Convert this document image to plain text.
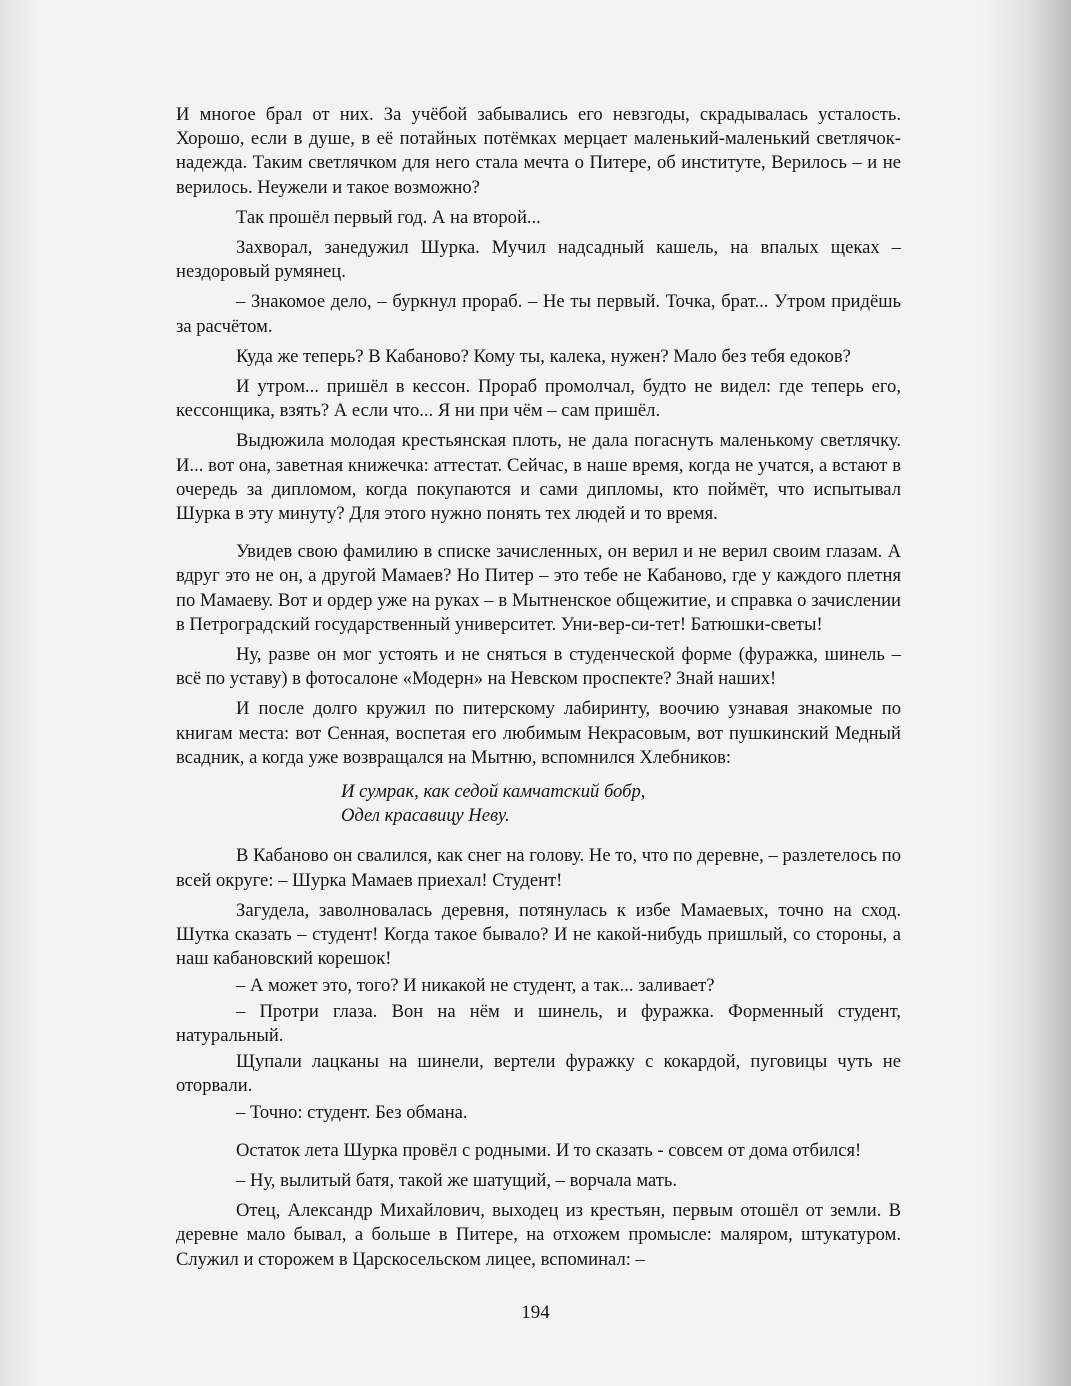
И многое брал от них. За учёбой забывались его невзгоды, скрадывалась усталость. Хорошо, если в душе, в её потайных потёмках мерцает маленький-маленький светлячок-надежда. Таким светлячком для него стала мечта о Питере, об институте, Верилось – и не верилось. Неужели и такое возможно?

Так прошёл первый год. А на второй...

Захворал, занедужил Шурка. Мучил надсадный кашель, на впалых щеках – нездоровый румянец.

– Знакомое дело, – буркнул прораб. – Не ты первый. Точка, брат... Утром придёшь за расчётом.

Куда же теперь? В Кабаново? Кому ты, калека, нужен? Мало без тебя едоков?

И утром... пришёл в кессон. Прораб промолчал, будто не видел: где теперь его, кессонщика, взять? А если что... Я ни при чём – сам пришёл.

Выдюжила молодая крестьянская плоть, не дала погаснуть маленькому светлячку. И... вот она, заветная книжечка: аттестат. Сейчас, в наше время, когда не учатся, а встают в очередь за дипломом, когда покупаются и сами дипломы, кто поймёт, что испытывал Шурка в эту минуту? Для этого нужно понять тех людей и то время.

Увидев свою фамилию в списке зачисленных, он верил и не верил своим глазам. А вдруг это не он, а другой Мамаев? Но Питер – это тебе не Кабаново, где у каждого плетня по Мамаеву. Вот и ордер уже на руках – в Мытненское общежитие, и справка о зачислении в Петроградский государственный университет. Уни-вер-си-тет! Батюшки-светы!

Ну, разве он мог устоять и не сняться в студенческой форме (фуражка, шинель – всё по уставу) в фотосалоне «Модерн» на Невском проспекте? Знай наших!

И после долго кружил по питерскому лабиринту, воочию узнавая знакомые по книгам места: вот Сенная, воспетая его любимым Некрасовым, вот пушкинский Медный всадник, а когда уже возвращался на Мытню, вспомнился Хлебников:

И сумрак, как седой камчатский бобр,
Одел красавицу Неву.

В Кабаново он свалился, как снег на голову. Не то, что по деревне, – разлетелось по всей округе: – Шурка Мамаев приехал! Студент!

Загудела, заволновалась деревня, потянулась к избе Мамаевых, точно на сход. Шутка сказать – студент! Когда такое бывало? И не какой-нибудь пришлый, со стороны, а наш кабановский корешок!

– А может это, того? И никакой не студент, а так... заливает?

– Протри глаза. Вон на нём и шинель, и фуражка. Форменный студент, натуральный.

Щупали лацканы на шинели, вертели фуражку с кокардой, пуговицы чуть не оторвали.

– Точно: студент. Без обмана.

Остаток лета Шурка провёл с родными. И то сказать - совсем от дома отбился!

– Ну, вылитый батя, такой же шатущий, – ворчала мать.

Отец, Александр Михайлович, выходец из крестьян, первым отошёл от земли. В деревне мало бывал, а больше в Питере, на отхожем промысле: маляром, штукатуром. Служил и сторожем в Царскосельском лицее, вспоминал: –

194
